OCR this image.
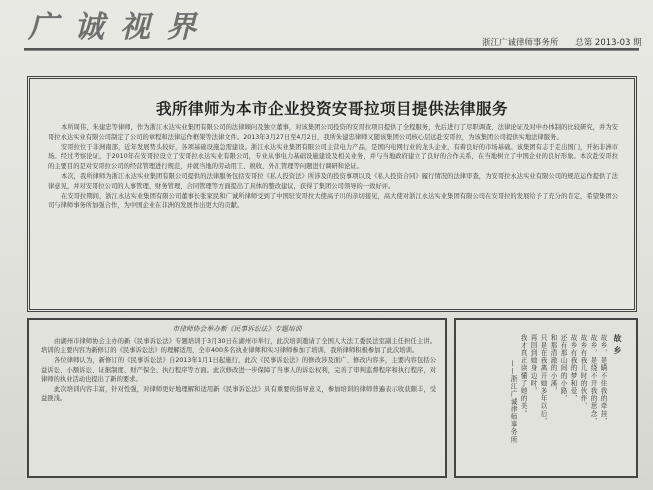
广诚视界	浙江广诚律师事务所 总第 2013-03 期
我所律师为本市企业投资安哥拉项目提供法律服务

本所周伟、朱建忠等律师，作为浙江永达实业集团有限公司的法律顾问及独立董事，对该集团公司投资的安哥拉项目提供了全程服务，先后进行了尽职调查、法律论证及对申办体制的比较研究，并为安哥拉永达实业有限公司制定了公司的章程和法律运作框架等法律文件。2013年3月27日至4月2日，我所朱建忠律师又随该集团公司核心层远赴安哥拉，为该集团公司提供实地法律服务。

安哥拉位于非洲南部，近年发展势头较好，各项基础设施急需建设。浙江永达实业集团有限公司主营电力产品，是国内电网行业的龙头企业，有着良好的市场基础。该集团有志于走出国门，开拓非洲市场。经过考察论证，于2010年在安哥拉设立了安哥拉永达实业有限公司，专业从事电力基础设施建设及相关业务，并与当地政府建立了良好的合作关系，在当地树立了中国企业的良好形象。本次赴安哥拉的主要目的是对安哥拉公司的经营管理进行规范，并就当地的劳动用工、税收、外汇管理等问题进行调研和论证。

本次，我所律师为浙江永达实业集团有限公司提供的法律服务包括安哥拉《私人投资法》所涉及的投资事项以及《私人投资合同》履行情况的法律审查，为安哥拉永达实业有限公司的规范运作提供了法律意见，并对安哥拉公司的人事管理、财务管理、合同管理等方面提出了具体的整改建议，获得了集团公司领导的一致好评。

在安哥拉期间，浙江永达实业集团有限公司董事长张家民和广诚所律师受到了中国驻安哥拉大使高子川的亲切接见，高大使对浙江永达实业集团有限公司在安哥拉的发展给予了充分的肯定，希望集团公司与律师事务所加强合作，为中国企业在非洲的发展作出更大的贡献。

市律师协会举办新《民事诉讼法》专题培训

由湖州市律师协会主办的新《民事诉讼法》专题培训于3月30日在湖州市举行，此次培训邀请了全国人大法工委民法室副主任担任主讲。培训的主要内容为新修订的《民事诉讼法》的理解适用，全市400多名执业律师和实习律师参加了培训，我所律师积极参加了此次培训。

各位律师认为，新修订的《民事诉讼法》自2013年1月1日起施行，此次《民事诉讼法》的修改涉及面广、修改内容多，主要内容包括公益诉讼、小额诉讼、证据制度、财产保全、执行程序等方面。此次修改进一步保障了当事人的诉讼权利，完善了审判监督程序和执行程序，对律师的执业活动也提出了新的要求。

此次培训内容丰富，针对性强，对律师更好地理解和适用新《民事诉讼法》具有重要的指导意义，参加培训的律师普遍表示收获颇丰，受益匪浅。

故乡
故乡，是瞒不住我的牵挂，
故乡，是绕不开我的思念，
故乡有我儿时的伙伴，
故乡有我的梦和爱，
还有那山间的小路，
和那清澈的小溪，
只是在我离开她多年以后，
再回到她身边时，
我才真正读懂了她的美。
——浙江广诚律师事务所
